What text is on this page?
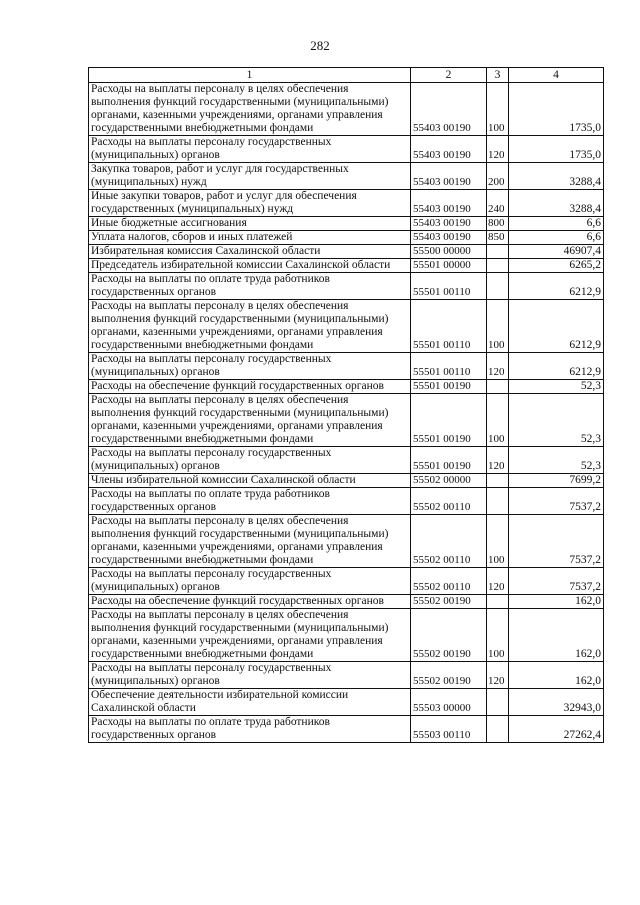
282
1	2	3	4
Расходы на выплаты персоналу в целях обеспечения выполнения функций государственными (муниципальными) органами, казенными учреждениями, органами управления государственными внебюджетными фондами	55403 00190	100	1735,0
Расходы на выплаты персоналу государственных (муниципальных) органов	55403 00190	120	1735,0
Закупка товаров, работ и услуг для государственных (муниципальных) нужд	55403 00190	200	3288,4
Иные закупки товаров, работ и услуг для обеспечения государственных (муниципальных) нужд	55403 00190	240	3288,4
Иные бюджетные ассигнования	55403 00190	800	6,6
Уплата налогов, сборов и иных платежей	55403 00190	850	6,6
Избирательная комиссия Сахалинской области	55500 00000		46907,4
Председатель избирательной комиссии Сахалинской области	55501 00000		6265,2
Расходы на выплаты по оплате труда работников государственных органов	55501 00110		6212,9
Расходы на выплаты персоналу в целях обеспечения выполнения функций государственными (муниципальными) органами, казенными учреждениями, органами управления государственными внебюджетными фондами	55501 00110	100	6212,9
Расходы на выплаты персоналу государственных (муниципальных) органов	55501 00110	120	6212,9
Расходы на обеспечение функций государственных органов	55501 00190		52,3
Расходы на выплаты персоналу в целях обеспечения выполнения функций государственными (муниципальными) органами, казенными учреждениями, органами управления государственными внебюджетными фондами	55501 00190	100	52,3
Расходы на выплаты персоналу государственных (муниципальных) органов	55501 00190	120	52,3
Члены избирательной комиссии Сахалинской области	55502 00000		7699,2
Расходы на выплаты по оплате труда работников государственных органов	55502 00110		7537,2
Расходы на выплаты персоналу в целях обеспечения выполнения функций государственными (муниципальными) органами, казенными учреждениями, органами управления государственными внебюджетными фондами	55502 00110	100	7537,2
Расходы на выплаты персоналу государственных (муниципальных) органов	55502 00110	120	7537,2
Расходы на обеспечение функций государственных органов	55502 00190		162,0
Расходы на выплаты персоналу в целях обеспечения выполнения функций государственными (муниципальными) органами, казенными учреждениями, органами управления государственными внебюджетными фондами	55502 00190	100	162,0
Расходы на выплаты персоналу государственных (муниципальных) органов	55502 00190	120	162,0
Обеспечение деятельности избирательной комиссии Сахалинской области	55503 00000		32943,0
Расходы на выплаты по оплате труда работников государственных органов	55503 00110		27262,4
